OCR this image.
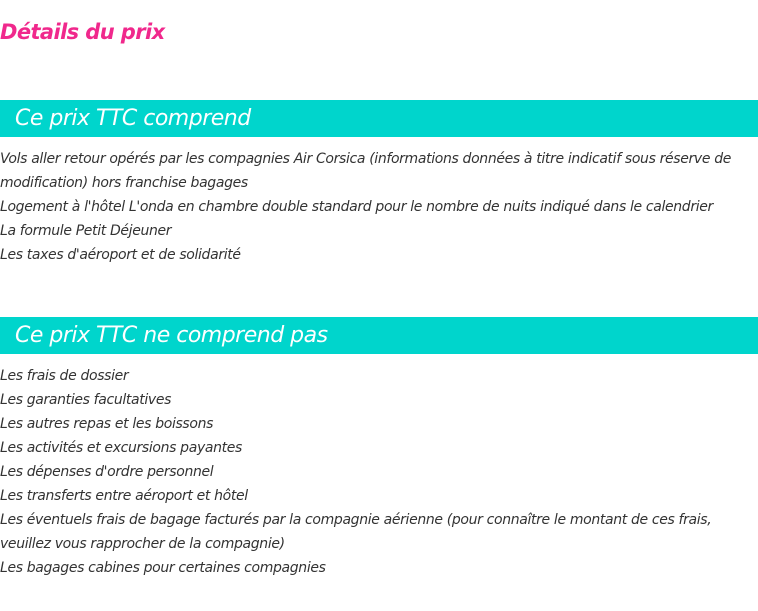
Détails du prix
Ce prix TTC comprend
Vols aller retour opérés par les compagnies Air Corsica (informations données à titre indicatif sous réserve de modification) hors franchise bagages
Logement à l'hôtel L'onda en chambre double standard pour le nombre de nuits indiqué dans le calendrier
La formule Petit Déjeuner
Les taxes d'aéroport et de solidarité
Ce prix TTC ne comprend pas
Les frais de dossier
Les garanties facultatives
Les autres repas et les boissons
Les activités et excursions payantes
Les dépenses d'ordre personnel
Les transferts entre aéroport et hôtel
Les éventuels frais de bagage facturés par la compagnie aérienne (pour connaître le montant de ces frais, veuillez vous rapprocher de la compagnie)
Les bagages cabines pour certaines compagnies
